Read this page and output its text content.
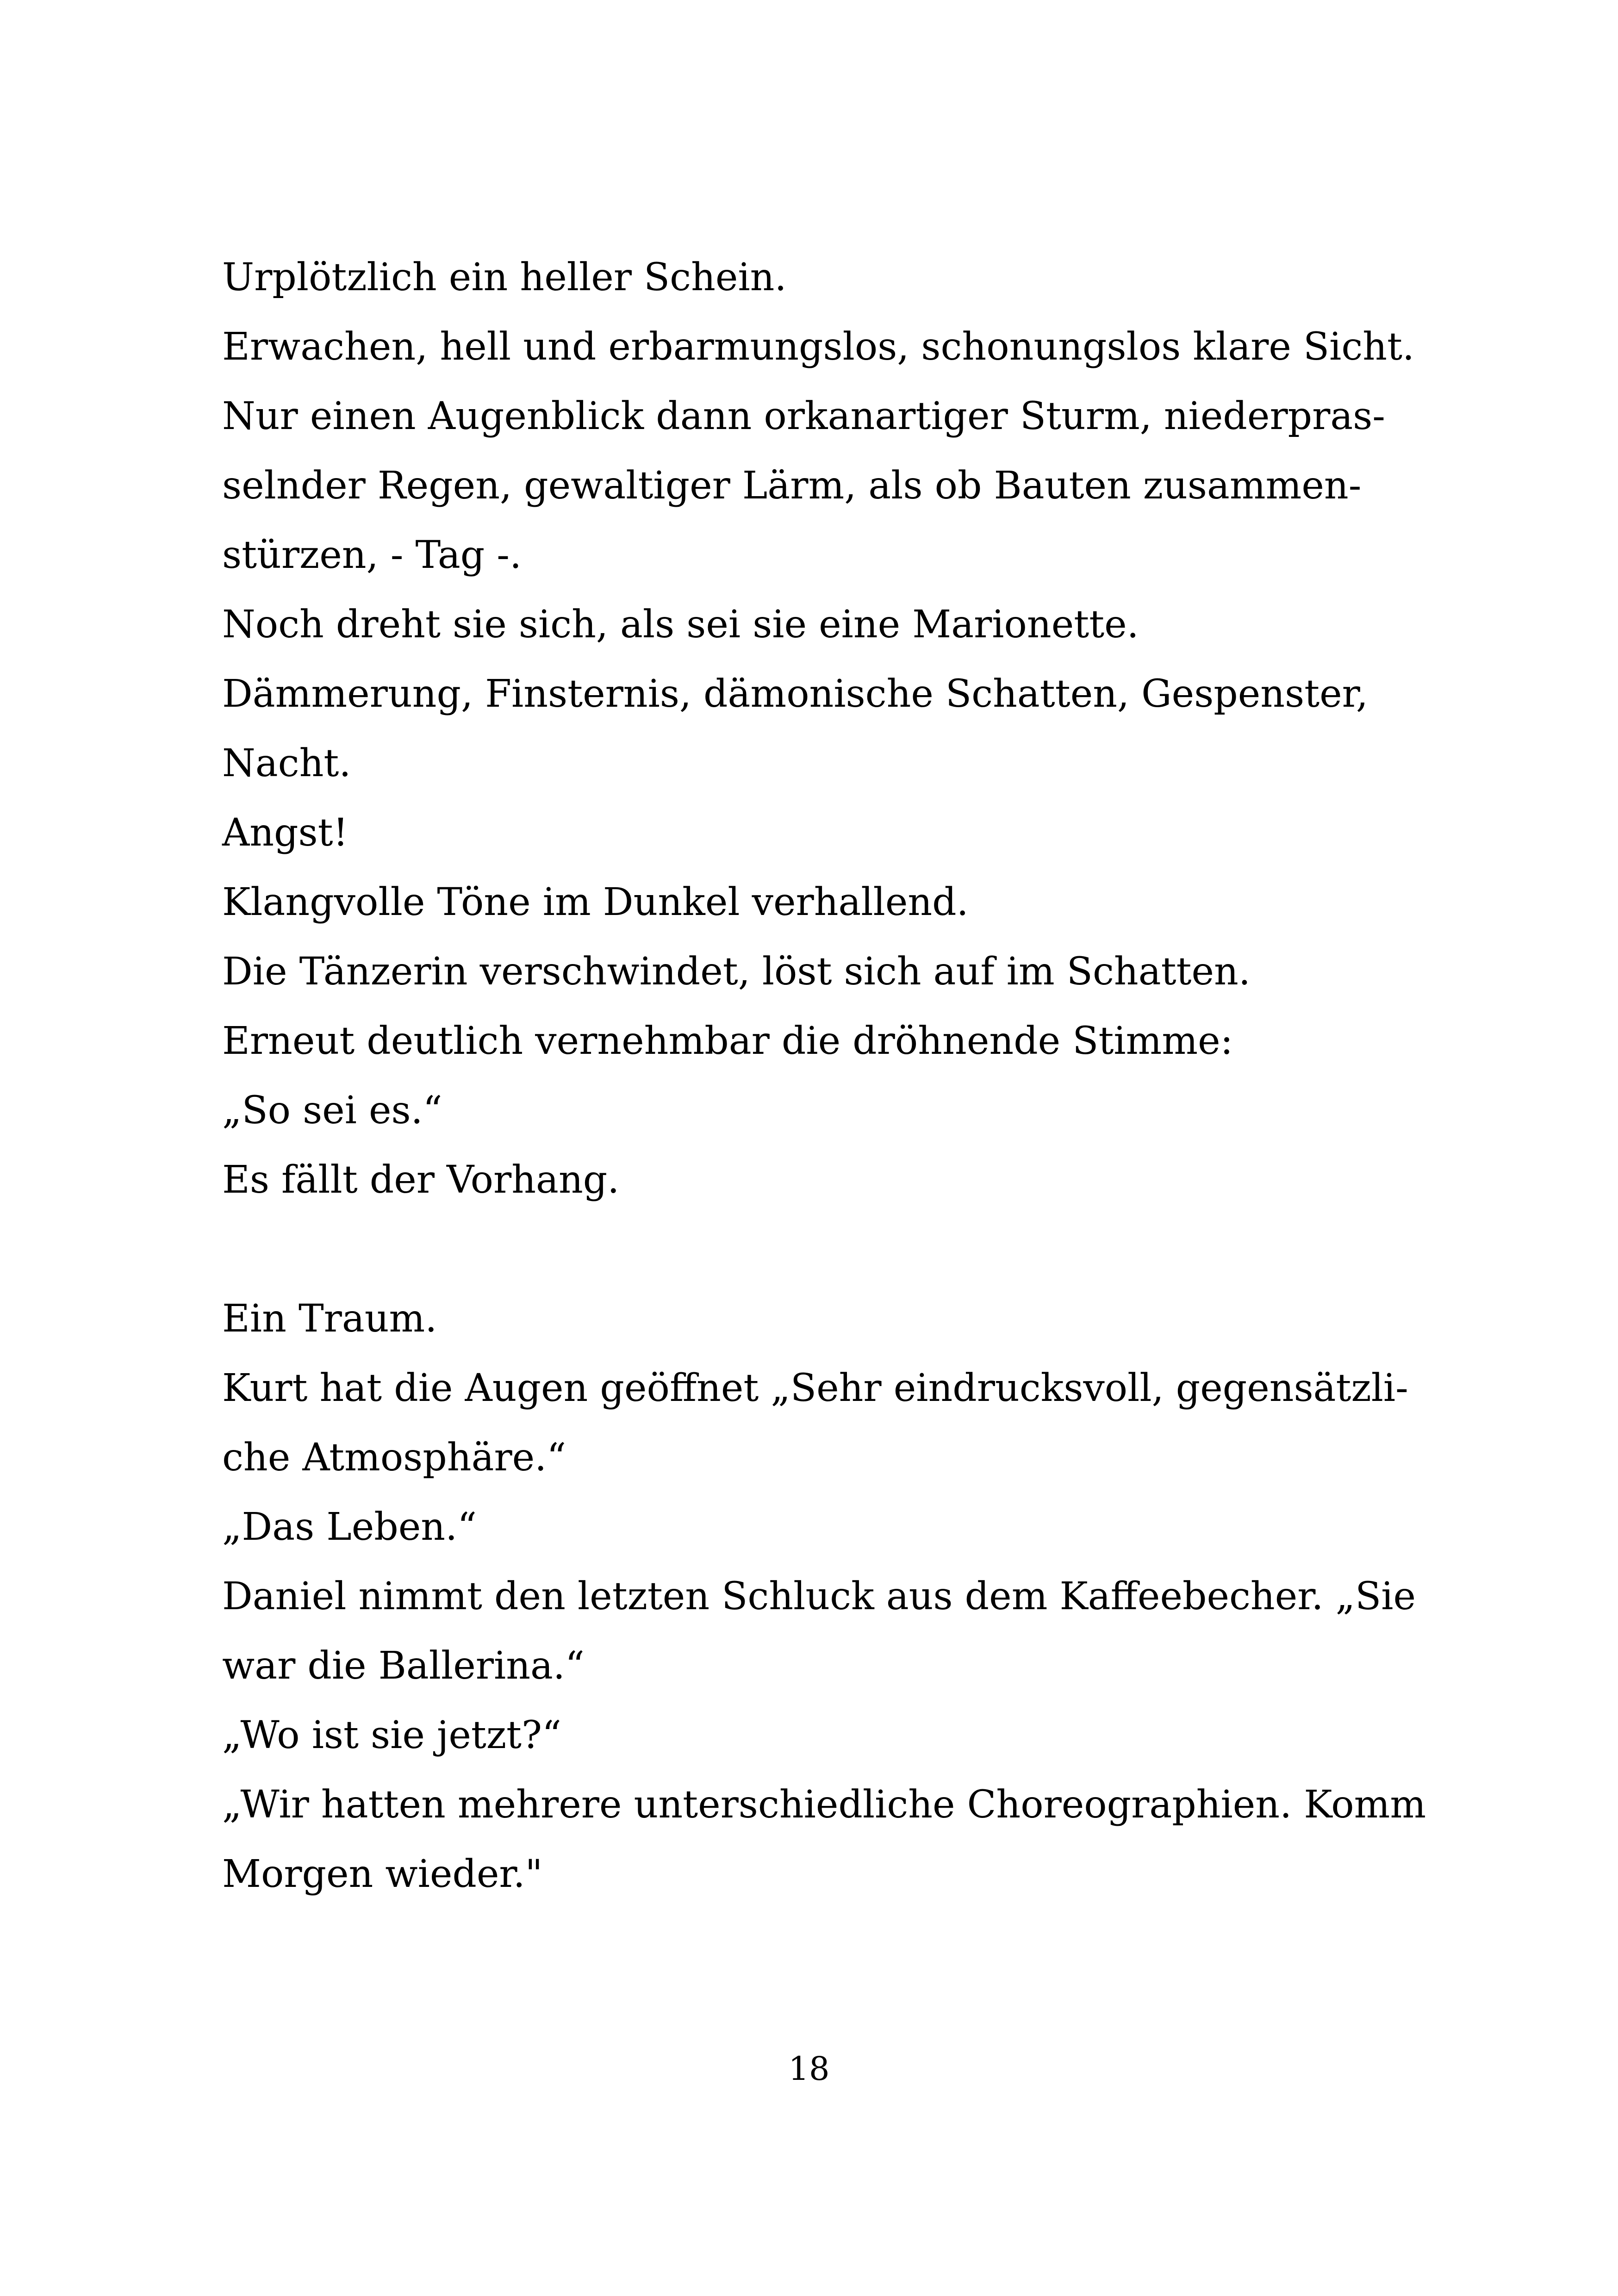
Urplötzlich ein heller Schein.
Erwachen, hell und erbarmungslos, schonungslos klare Sicht.
Nur einen Augenblick dann orkanartiger Sturm, niederpras-
selnder Regen, gewaltiger Lärm, als ob Bauten zusammen-
stürzen, - Tag -.
Noch dreht sie sich, als sei sie eine Marionette.
Dämmerung, Finsternis, dämonische Schatten, Gespenster,
Nacht.
Angst!
Klangvolle Töne im Dunkel verhallend.
Die Tänzerin verschwindet, löst sich auf im Schatten.
Erneut deutlich vernehmbar die dröhnende Stimme:
„So sei es.“
Es fällt der Vorhang.
Ein Traum.
Kurt hat die Augen geöffnet „Sehr eindrucksvoll, gegensätzli-
che Atmosphäre.“
„Das Leben.“
Daniel nimmt den letzten Schluck aus dem Kaffeebecher. „Sie
war die Ballerina.“
„Wo ist sie jetzt?“
„Wir hatten mehrere unterschiedliche Choreographien. Komm
Morgen wieder."
18
